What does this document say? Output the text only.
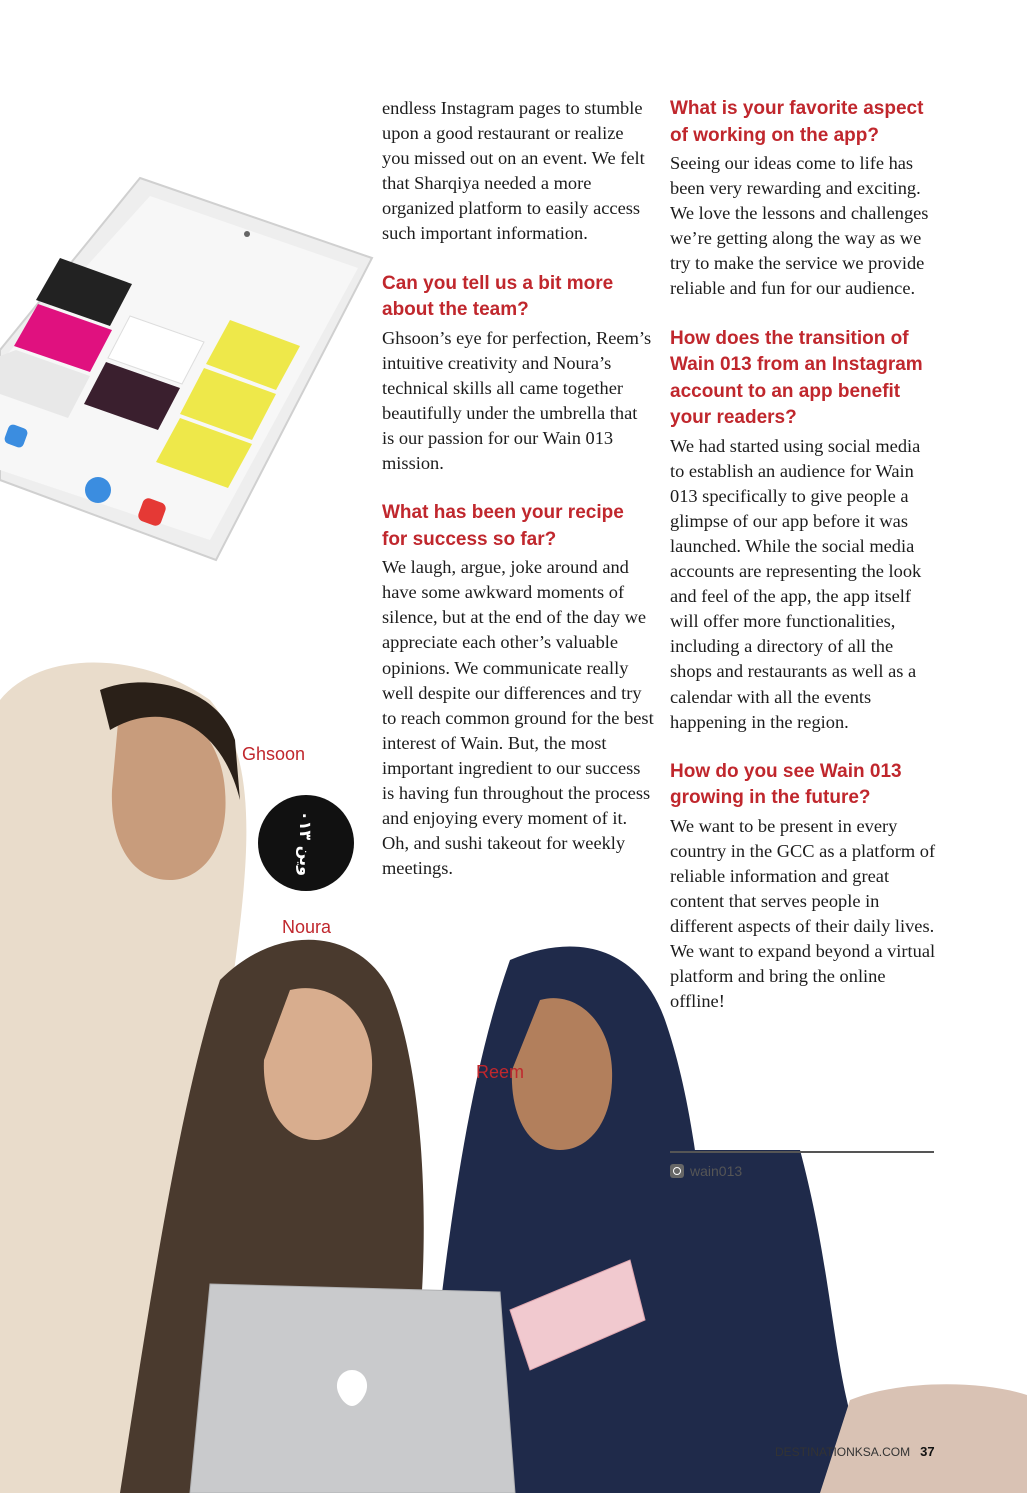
وين ٠١٣
Ghsoon
Noura
Reem

endless Instagram pages to stumble upon a good restaurant or realize you missed out on an event. We felt that Sharqiya needed a more organized platform to easily access such important information.

Can you tell us a bit more about the team?

Ghsoon’s eye for perfection, Reem’s intuitive creativity and Noura’s technical skills all came together beautifully under the umbrella that is our passion for our Wain 013 mission.

What has been your recipe for success so far?

We laugh, argue, joke around and have some awkward moments of silence, but at the end of the day we appreciate each other’s valuable opinions. We communicate really well despite our differences and try to reach common ground for the best interest of Wain. But, the most important ingredient to our success is having fun throughout the process and enjoying every moment of it. Oh, and sushi takeout for weekly meetings.

What is your favorite aspect of working on the app?

Seeing our ideas come to life has been very rewarding and exciting. We love the lessons and challenges we’re getting along the way as we try to make the service we provide reliable and fun for our audience.

How does the transition of Wain 013 from an Instagram account to an app benefit your readers?

We had started using social media to establish an audience for Wain 013 specifically to give people a glimpse of our app before it was launched. While the social media accounts are representing the look and feel of the app, the app itself will offer more functionalities, including a directory of all the shops and restaurants as well as a calendar with all the events happening in the region.

How do you see Wain 013 growing in the future?

We want to be present in every country in the GCC as a platform of reliable information and great content that serves people in different aspects of their daily lives. We want to expand beyond a virtual platform and bring the online offline!

wain013
DESTINATIONKSA.COM 37
